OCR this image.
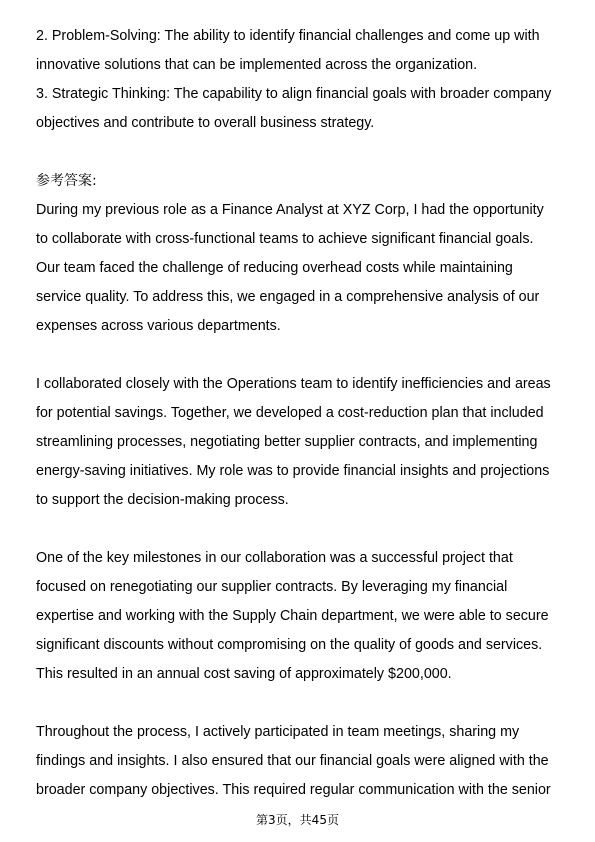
2. Problem-Solving: The ability to identify financial challenges and come up with
innovative solutions that can be implemented across the organization.
3. Strategic Thinking: The capability to align financial goals with broader company
objectives and contribute to overall business strategy.
参考答案:
During my previous role as a Finance Analyst at XYZ Corp, I had the opportunity
to collaborate with cross-functional teams to achieve significant financial goals.
Our team faced the challenge of reducing overhead costs while maintaining
service quality. To address this, we engaged in a comprehensive analysis of our
expenses across various departments.
I collaborated closely with the Operations team to identify inefficiencies and areas
for potential savings. Together, we developed a cost-reduction plan that included
streamlining processes, negotiating better supplier contracts, and implementing
energy-saving initiatives. My role was to provide financial insights and projections
to support the decision-making process.
One of the key milestones in our collaboration was a successful project that
focused on renegotiating our supplier contracts. By leveraging my financial
expertise and working with the Supply Chain department, we were able to secure
significant discounts without compromising on the quality of goods and services.
This resulted in an annual cost saving of approximately $200,000.
Throughout the process, I actively participated in team meetings, sharing my
findings and insights. I also ensured that our financial goals were aligned with the
broader company objectives. This required regular communication with the senior
第3页，共45页
